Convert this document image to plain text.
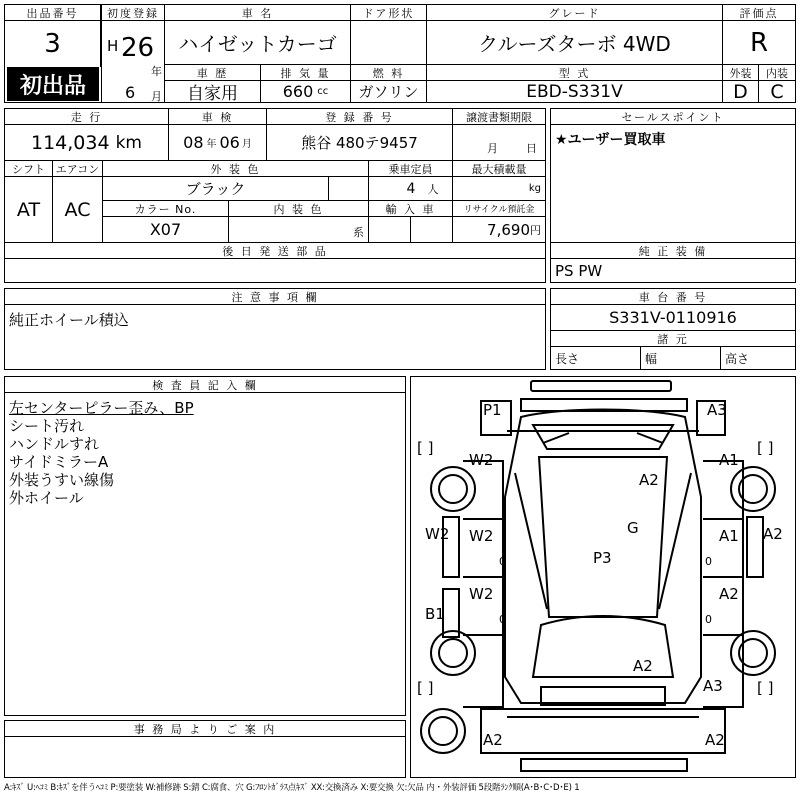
出品番号
3
初出品
初度登録
H 26
年
6 月
車 名
ハイゼットカーゴ
ドア形状	グレード
クルーズターボ 4WD
評価点
R
車 歴
自家用
排 気 量
660 cc
燃 料
ガソリン
型 式
EBD-S331V
外装
D
内装
C
走 行
114,034 km
車 検
08 年 06 月
登 録 番 号
熊谷 480テ9457
譲渡書類期限
月	日
シフト
AT
エアコン
AC
外 装 色
ブラック
乗車定員
4 人
最大積載量
kg
カラー No.
X07
内 装 色
系
輸 入 車	リサイクル預託金
7,690 円
後 日 発 送 部 品
セールスポイント
★ユーザー買取車
純 正 装 備
PS PW
注 意 事 項 欄
純正ホイール積込
車 台 番 号
S331V-0110916
諸 元
長さ	幅	高さ
検 査 員 記 入 欄
左センターピラー歪み、BP
シート汚れ
ハンドルすれ
サイドミラーA
外装うすい線傷
外ホイール
事 務 局 よ り ご 案 内
P1	A3
[ ]	[ ]
W2	A1
A2
W2 W2
0
G	A1
0
A2
P3
W2
0
A2
0
B1
[ ]	[ ]
A2
A3
A2	A2
A:ｷｽﾞ U:ﾍｺﾐ B:ｷｽﾞを伴うﾍｺﾐ P:要塗装 W:補修跡 S:錆 C:腐食、穴 G:ﾌﾛﾝﾄｶﾞﾗｽ点ｷｽﾞ XX:交換済み X:要交換 欠:欠品 内・外装評価 5段階ﾗﾝｸ順(A･B･C･D･E) 1
